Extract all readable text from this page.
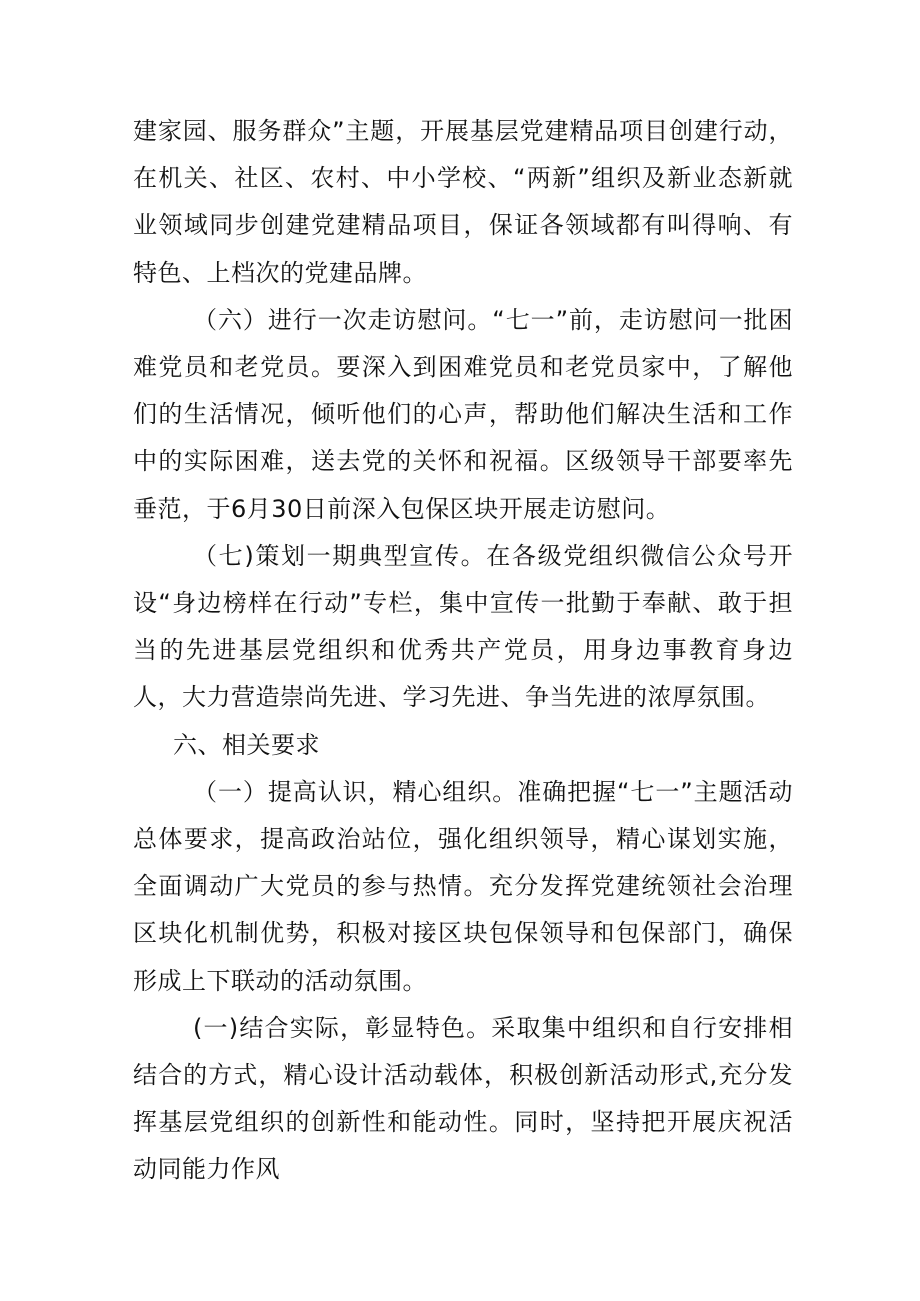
建家园、服务群众”主题，开展基层党建精品项目创建行动，在机关、社区、农村、中小学校、“两新”组织及新业态新就业领域同步创建党建精品项目，保证各领域都有叫得响、有特色、上档次的党建品牌。

（六）进行一次走访慰问。“七一”前，走访慰问一批困难党员和老党员。要深入到困难党员和老党员家中，了解他们的生活情况，倾听他们的心声，帮助他们解决生活和工作中的实际困难，送去党的关怀和祝福。区级领导干部要率先垂范，于6月30日前深入包保区块开展走访慰问。

（七)策划一期典型宣传。在各级党组织微信公众号开设“身边榜样在行动”专栏，集中宣传一批勤于奉献、敢于担当的先进基层党组织和优秀共产党员，用身边事教育身边人，大力营造崇尚先进、学习先进、争当先进的浓厚氛围。

六、相关要求

（一）提高认识，精心组织。准确把握“七一”主题活动总体要求，提高政治站位，强化组织领导，精心谋划实施，全面调动广大党员的参与热情。充分发挥党建统领社会治理区块化机制优势，积极对接区块包保领导和包保部门，确保形成上下联动的活动氛围。

(一)结合实际，彰显特色。采取集中组织和自行安排相结合的方式，精心设计活动载体，积极创新活动形式,充分发挥基层党组织的创新性和能动性。同时，坚持把开展庆祝活动同能力作风
